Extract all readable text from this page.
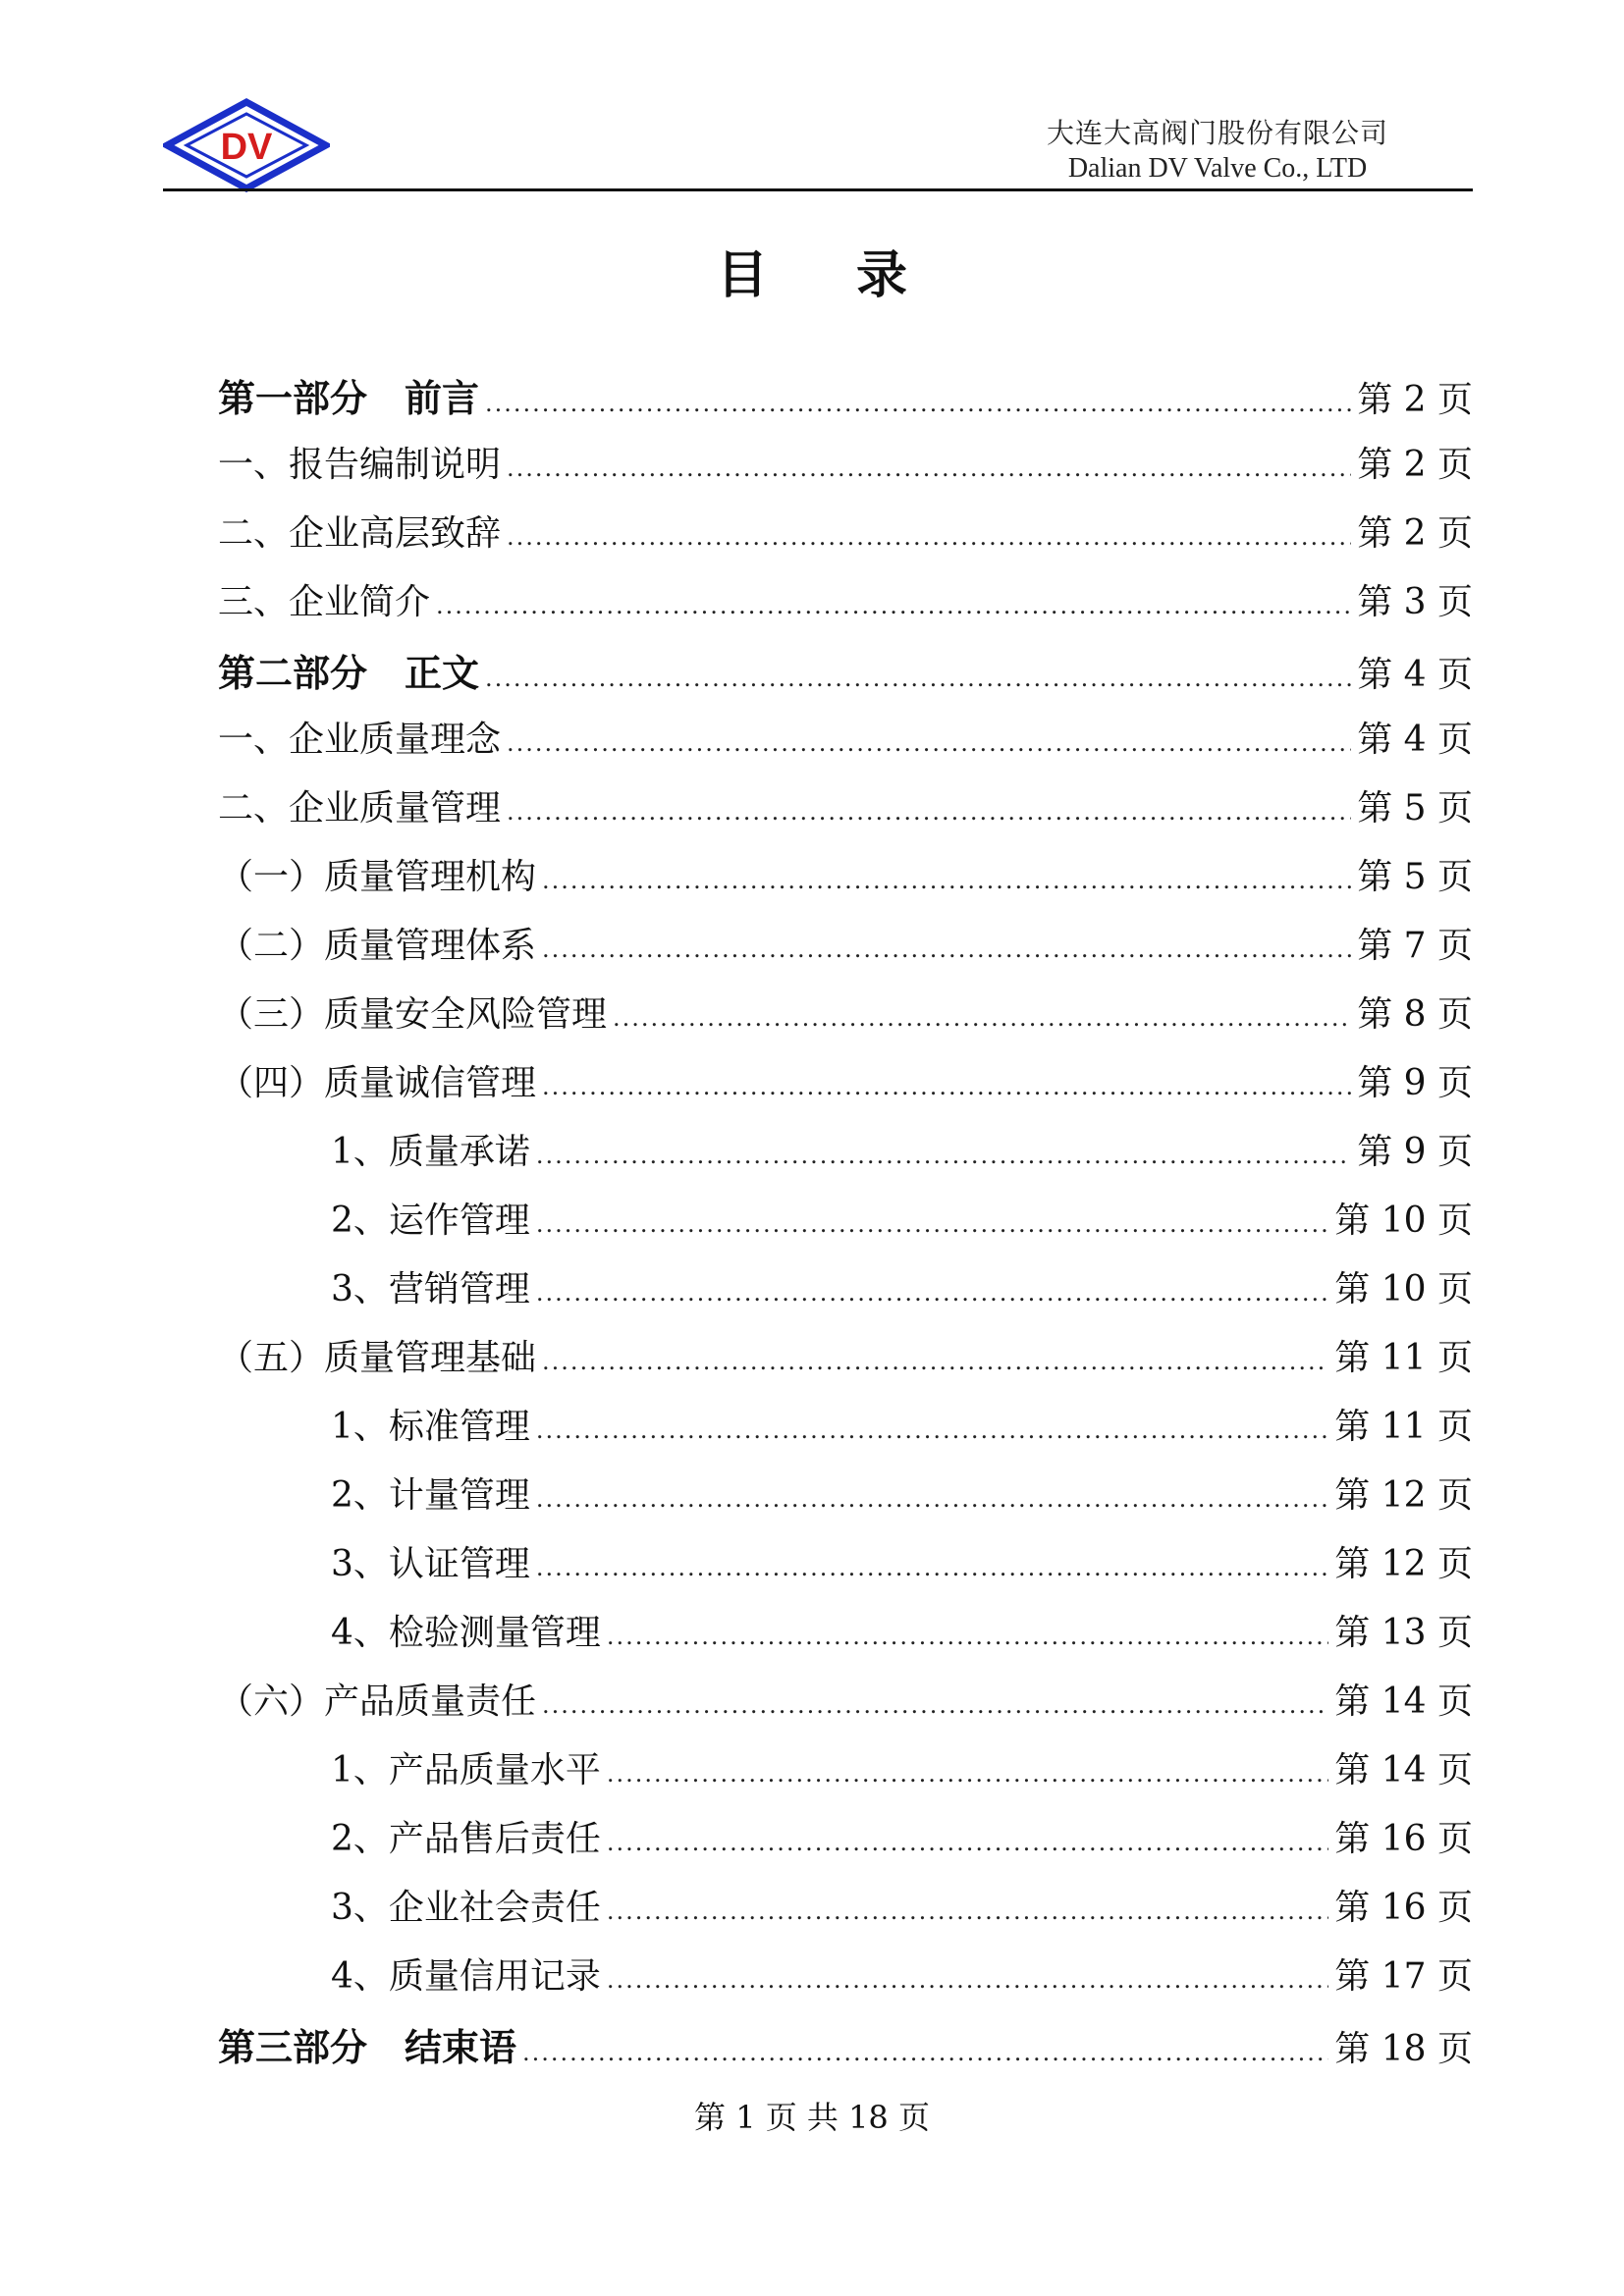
DV	大连大高阀门股份有限公司
Dalian DV Valve Co., LTD
目 录
第一部分　前言 .....	第 2 页
一、报告编制说明 .....	第 2 页
二、企业高层致辞 .....	第 2 页
三、企业简介 .....	第 3 页
第二部分　正文 .....	第 4 页
一、企业质量理念 .....	第 4 页
二、企业质量管理 .....	第 5 页
（一）质量管理机构 .....	第 5 页
（二）质量管理体系 .....	第 7 页
（三）质量安全风险管理 .....	第 8 页
（四）质量诚信管理 .....	第 9 页
1、质量承诺 .....	第 9 页
2、运作管理 .....	第 10 页
3、营销管理 .....	第 10 页
（五）质量管理基础 .....	第 11 页
1、标准管理 .....	第 11 页
2、计量管理 .....	第 12 页
3、认证管理 .....	第 12 页
4、检验测量管理 .....	第 13 页
（六）产品质量责任 .....	第 14 页
1、产品质量水平 .....	第 14 页
2、产品售后责任 .....	第 16 页
3、企业社会责任 .....	第 16 页
4、质量信用记录 .....	第 17 页
第三部分　结束语 .....	第 18 页
第 1 页 共 18 页
